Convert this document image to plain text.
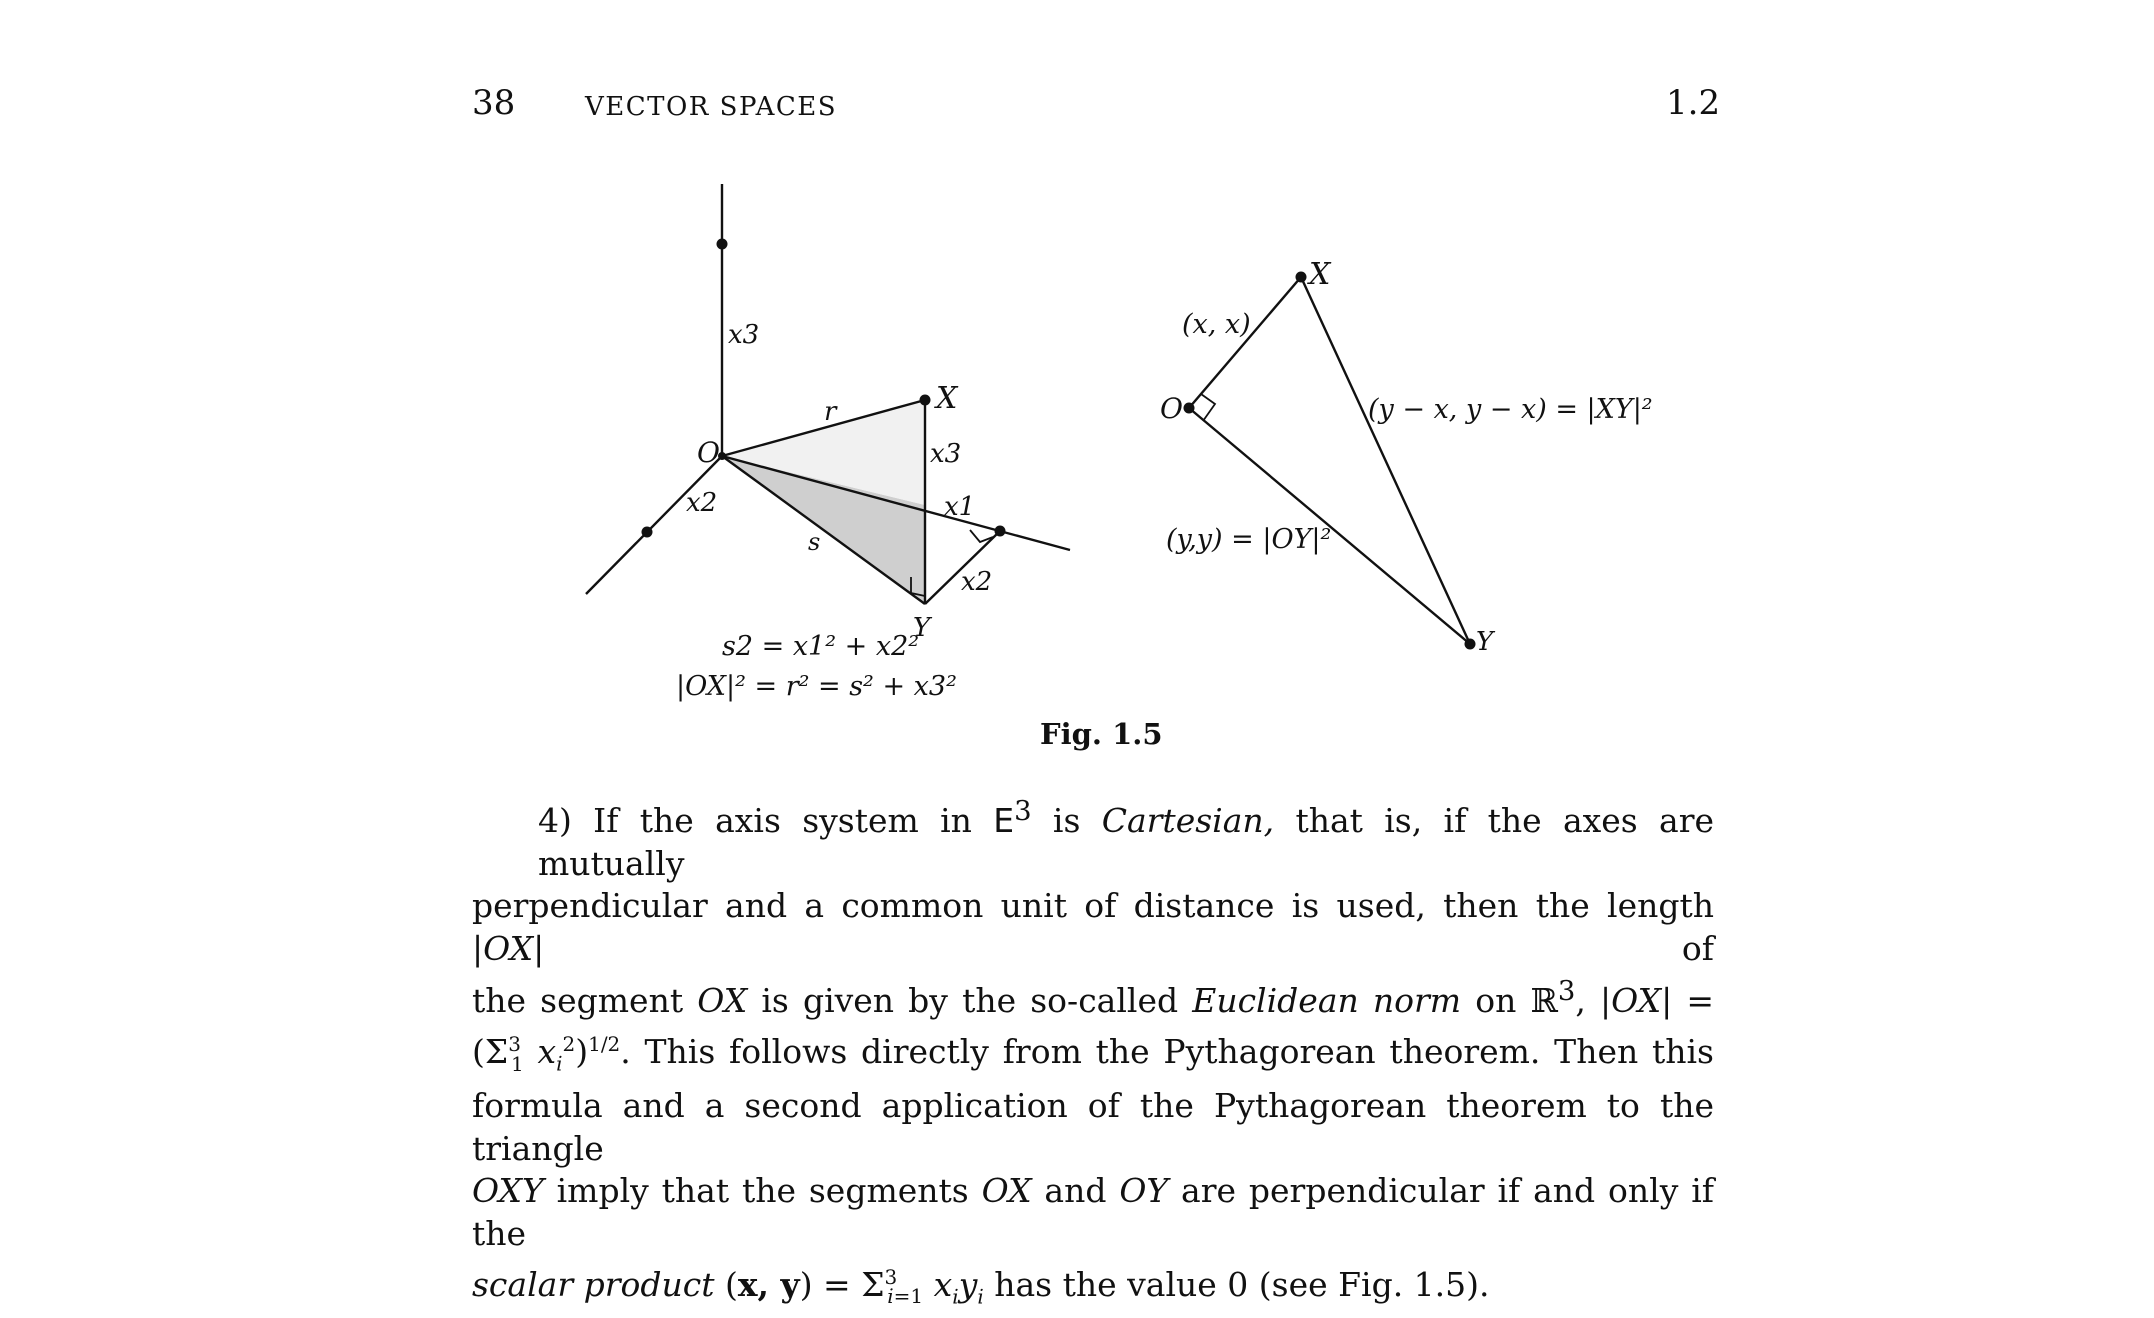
38	VECTOR SPACES	1.2
x3
r	X
O	x3
x1
x2
s
x2
Y
s2 = x1² + x2²
|OX|² = r² = s² + x3²
X
O
Y
(x, x)
(y − x, y − x) = |XY|²
(y,y) = |OY|²
Fig. 1.5
4) If the axis system in $E^3$ is Cartesian, that is, if the axes are mutually
perpendicular and a common unit of distance is used, then the length |OX| of
the segment OX is given by the so-called Euclidean norm on ℝ$^3$, |OX| =
($\Sigma^3_1$ $x_i^2)^{1/2}$. This follows directly from the Pythagorean theorem. Then this
formula and a second application of the Pythagorean theorem to the triangle
OXY imply that the segments OX and OY are perpendicular if and only if the
scalar product (x, $y) = \Sigma^3_{i=1}$ $x_iy_i$ has the value 0 (see Fig. 1.5).
